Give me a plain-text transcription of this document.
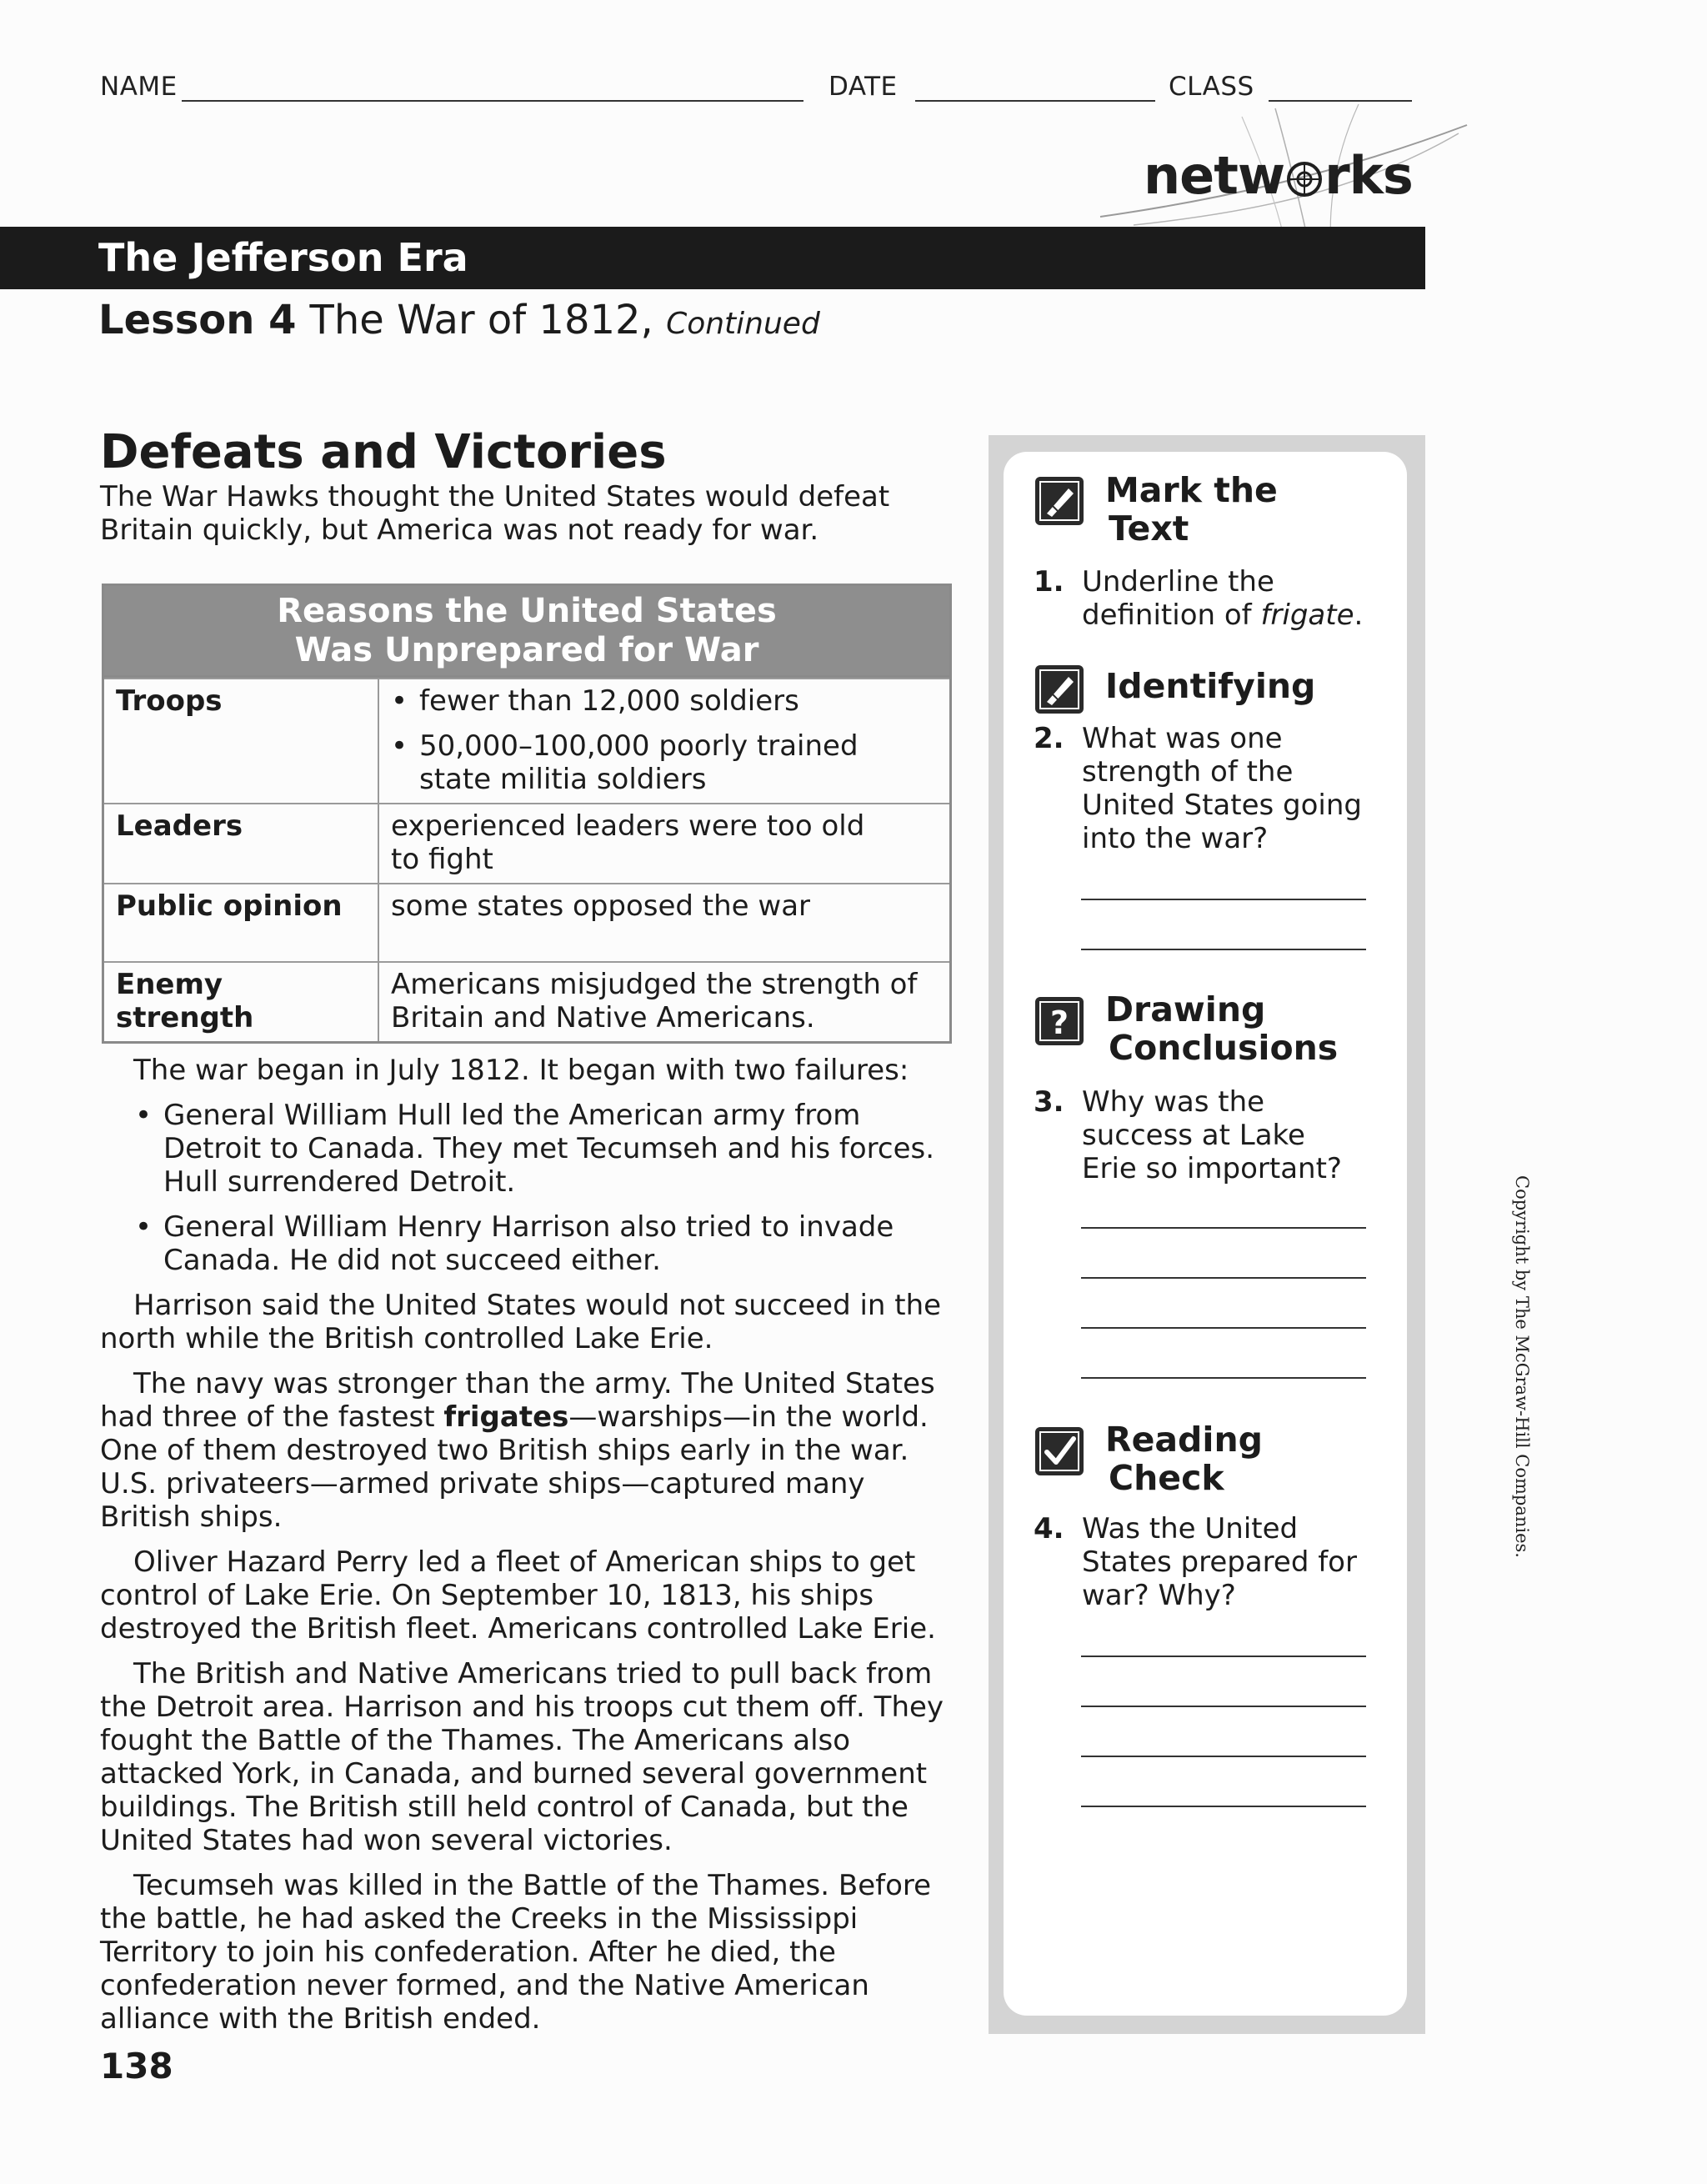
NAME	DATE	CLASS
netw rks
The Jefferson Era
Lesson 4 The War of 1812, Continued
Defeats and Victories
The War Hawks thought the United States would defeat Britain quickly, but America was not ready for war.
Reasons the United States
Was Unprepared for War
Troops
•	fewer than 12,000 soldiers
• 50,000–100,000 poorly trained state militia soldiers
Leaders	experienced leaders were too old to fight
Public opinion	some states opposed the war
Enemy strength
Americans misjudged the strength of Britain and Native Americans.

The war began in July 1812. It began with two failures:

• General William Hull led the American army from Detroit to Canada. They met Tecumseh and his forces. Hull surrendered Detroit.
• General William Henry Harrison also tried to invade Canada. He did not succeed either.

Harrison said the United States would not succeed in the north while the British controlled Lake Erie.

The navy was stronger than the army. The United States had three of the fastest frigates—warships—in the world. One of them destroyed two British ships early in the war. U.S. privateers—armed private ships—captured many British ships.

Oliver Hazard Perry led a fleet of American ships to get control of Lake Erie. On September 10, 1813, his ships destroyed the British fleet. Americans controlled Lake Erie.

The British and Native Americans tried to pull back from the Detroit area. Harrison and his troops cut them off. They fought the Battle of the Thames. The Americans also attacked York, in Canada, and burned several government buildings. The British still held control of Canada, but the United States had won several victories.

Tecumseh was killed in the Battle of the Thames. Before the battle, he had asked the Creeks in the Mississippi Territory to join his confederation. After he died, the confederation never formed, and the Native American alliance with the British ended.

138
Mark the
Text
1. Underline the definition of frigate.
Identifying
2. What was one strength of the United States going into the war?
? Drawing
Conclusions
3. Why was the success at Lake Erie so important?
Reading
Check
4. Was the United States prepared for war? Why?
Copyright by The McGraw-Hill Companies.
